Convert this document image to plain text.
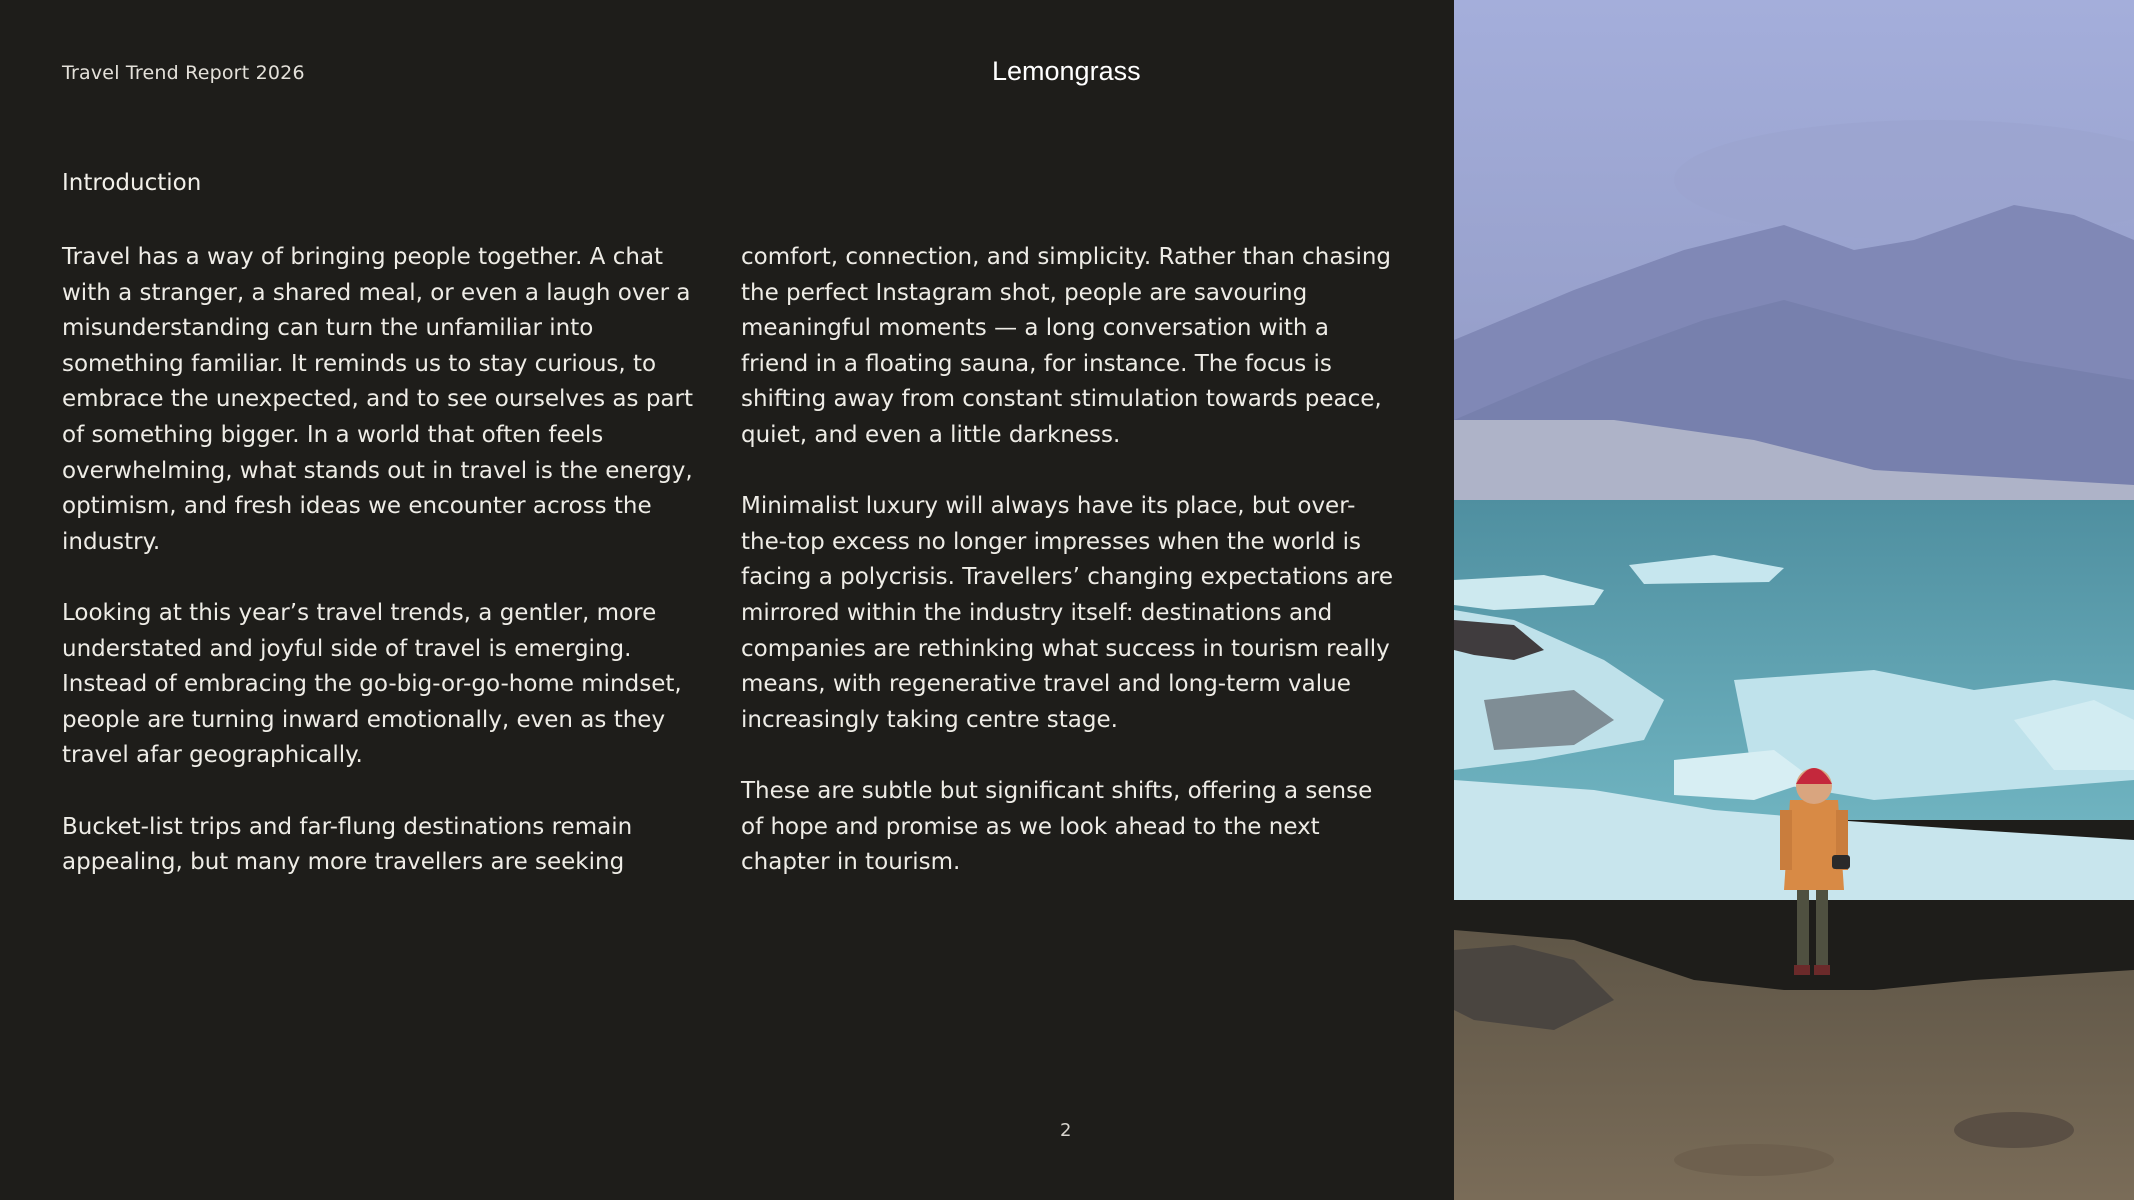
Travel Trend Report 2026	Lemongrass
Introduction

Travel has a way of bringing people together. A chat with a stranger, a shared meal, or even a laugh over a misunderstanding can turn the unfamiliar into something familiar. It reminds us to stay curious, to embrace the unexpected, and to see ourselves as part of something bigger. In a world that often feels overwhelming, what stands out in travel is the energy, optimism, and fresh ideas we encounter across the industry.

Looking at this year’s travel trends, a gentler, more understated and joyful side of travel is emerging. Instead of embracing the go-big-or-go-home mindset, people are turning inward emotionally, even as they travel afar geographically.

Bucket-list trips and far-flung destinations remain appealing, but many more travellers are seeking

comfort, connection, and simplicity. Rather than chasing the perfect Instagram shot, people are savouring meaningful moments — a long conversation with a friend in a floating sauna, for instance. The focus is shifting away from constant stimulation towards peace, quiet, and even a little darkness.

Minimalist luxury will always have its place, but over-the-top excess no longer impresses when the world is facing a polycrisis. Travellers’ changing expectations are mirrored within the industry itself: destinations and companies are rethinking what success in tourism really means, with regenerative travel and long-term value increasingly taking centre stage.

These are subtle but significant shifts, offering a sense of hope and promise as we look ahead to the next chapter in tourism.

2
